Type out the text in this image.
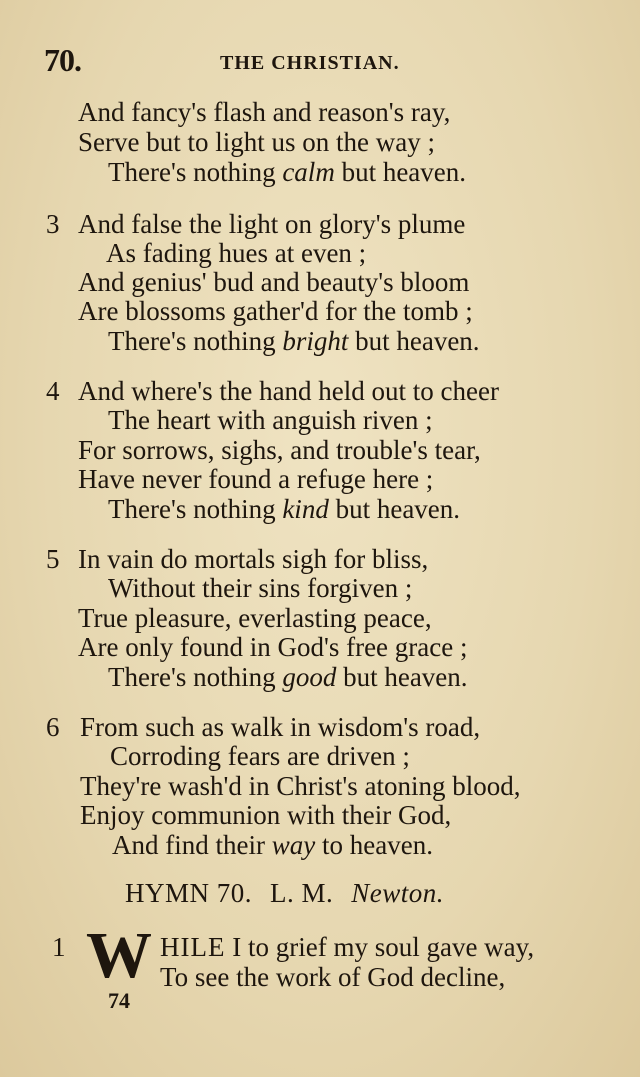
70.	THE CHRISTIAN.
And fancy's flash and reason's ray,
Serve but to light us on the way ;
There's nothing calm but heaven.
3 And false the light on glory's plume
As fading hues at even ;
And genius' bud and beauty's bloom
Are blossoms gather'd for the tomb ;
There's nothing bright but heaven.
4 And where's the hand held out to cheer
The heart with anguish riven ;
For sorrows, sighs, and trouble's tear,
Have never found a refuge here ;
There's nothing kind but heaven.
5 In vain do mortals sigh for bliss,
Without their sins forgiven ;
True pleasure, everlasting peace,
Are only found in God's free grace ;
There's nothing good but heaven.
6 From such as walk in wisdom's road,
Corroding fears are driven ;
They're wash'd in Christ's atoning blood,
Enjoy communion with their God,
And find their way to heaven.
HYMN 70. L. M. Newton.
1 W HILE I to grief my soul gave way,
To see the work of God decline,
74
